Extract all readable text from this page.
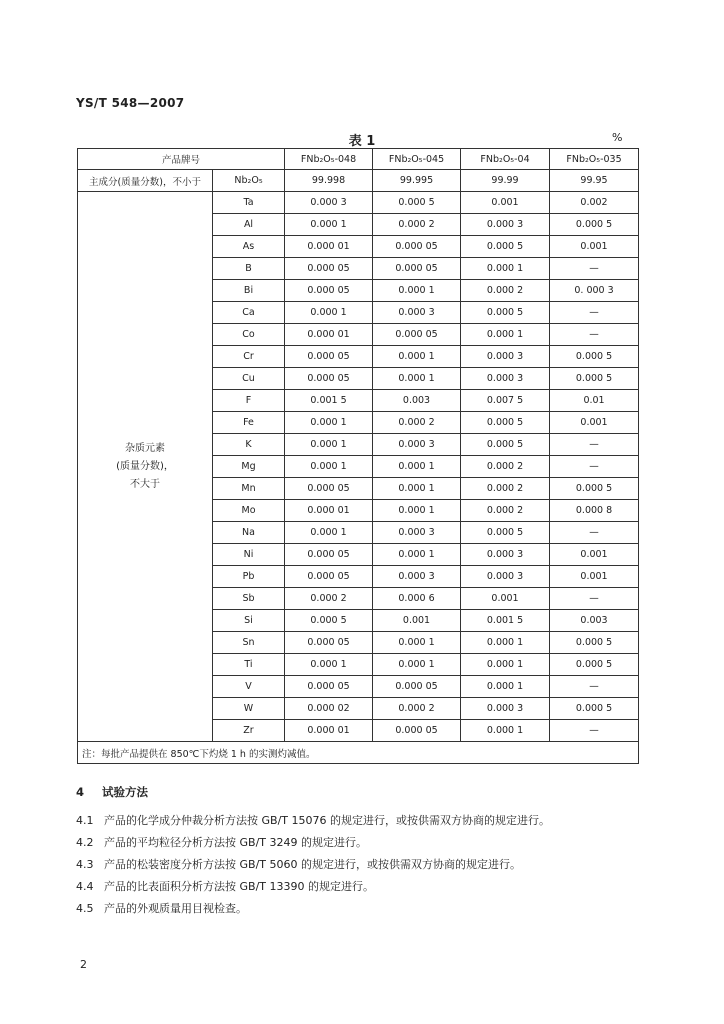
YS/T 548—2007
表 1	%
产品牌号		FNb₂O₅-048	FNb₂O₅-045	FNb₂O₅-04	FNb₂O₅-035
主成分(质量分数)，不小于	Nb₂O₅	99.998	99.995	99.99	99.95

杂质元素
(质量分数)，
不大于	Ta	0.000 3	0.000 5	0.001	0.002
	Al	0.000 1	0.000 2	0.000 3	0.000 5
	As	0.000 01	0.000 05	0.000 5	0.001
	B	0.000 05	0.000 05	0.000 1	—
	Bi	0.000 05	0.000 1	0.000 2	0. 000 3
	Ca	0.000 1	0.000 3	0.000 5	—
	Co	0.000 01	0.000 05	0.000 1	—
	Cr	0.000 05	0.000 1	0.000 3	0.000 5
	Cu	0.000 05	0.000 1	0.000 3	0.000 5
	F	0.001 5	0.003	0.007 5	0.01
	Fe	0.000 1	0.000 2	0.000 5	0.001
	K	0.000 1	0.000 3	0.000 5	—
	Mg	0.000 1	0.000 1	0.000 2	—
	Mn	0.000 05	0.000 1	0.000 2	0.000 5
	Mo	0.000 01	0.000 1	0.000 2	0.000 8
	Na	0.000 1	0.000 3	0.000 5	—
	Ni	0.000 05	0.000 1	0.000 3	0.001
	Pb	0.000 05	0.000 3	0.000 3	0.001
	Sb	0.000 2	0.000 6	0.001	—
	Si	0.000 5	0.001	0.001 5	0.003
	Sn	0.000 05	0.000 1	0.000 1	0.000 5
	Ti	0.000 1	0.000 1	0.000 1	0.000 5
	V	0.000 05	0.000 05	0.000 1	—
	W	0.000 02	0.000 2	0.000 3	0.000 5
	Zr	0.000 01	0.000 05	0.000 1	—
注：每批产品提供在 850℃下灼烧 1 h 的实测灼减值。					
4 试验方法
4.1 产品的化学成分仲裁分析方法按 GB/T 15076 的规定进行，或按供需双方协商的规定进行。
4.2 产品的平均粒径分析方法按 GB/T 3249 的规定进行。
4.3 产品的松装密度分析方法按 GB/T 5060 的规定进行，或按供需双方协商的规定进行。
4.4 产品的比表面积分析方法按 GB/T 13390 的规定进行。
4.5 产品的外观质量用目视检查。
2
